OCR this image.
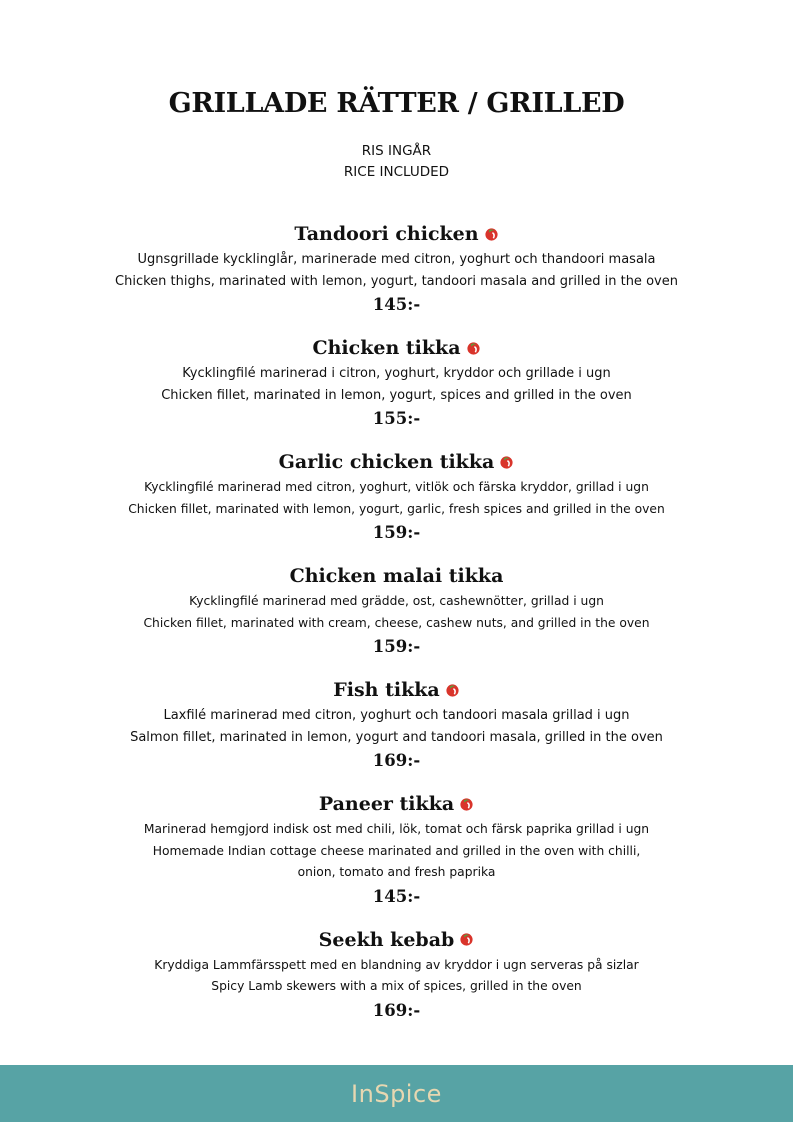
GRILLADE RÄTTER / GRILLED
RIS INGÅR
RICE INCLUDED
Tandoori chicken
Ugnsgrillade kycklinglår, marinerade med citron, yoghurt och thandoori masala
Chicken thighs, marinated with lemon, yogurt, tandoori masala and grilled in the oven
145:-
Chicken tikka
Kycklingfilé marinerad i citron, yoghurt, kryddor och grillade i ugn
Chicken fillet, marinated in lemon, yogurt, spices and grilled in the oven
155:-
Garlic chicken tikka
Kycklingfilé marinerad med citron, yoghurt, vitlök och färska kryddor, grillad i ugn
Chicken fillet, marinated with lemon, yogurt, garlic, fresh spices and grilled in the oven
159:-
Chicken malai tikka
Kycklingfilé marinerad med grädde, ost, cashewnötter, grillad i ugn
Chicken fillet, marinated with cream, cheese, cashew nuts, and grilled in the oven
159:-
Fish tikka
Laxfilé marinerad med citron, yoghurt och tandoori masala grillad i ugn
Salmon fillet, marinated in lemon, yogurt and tandoori masala, grilled in the oven
169:-
Paneer tikka
Marinerad hemgjord indisk ost med chili, lök, tomat och färsk paprika grillad i ugn
Homemade Indian cottage cheese marinated and grilled in the oven with chilli,
onion, tomato and fresh paprika
145:-
Seekh kebab
Kryddiga Lammfärsspett med en blandning av kryddor i ugn serveras på sizlar
Spicy Lamb skewers with a mix of spices, grilled in the oven
169:-
InSpice
